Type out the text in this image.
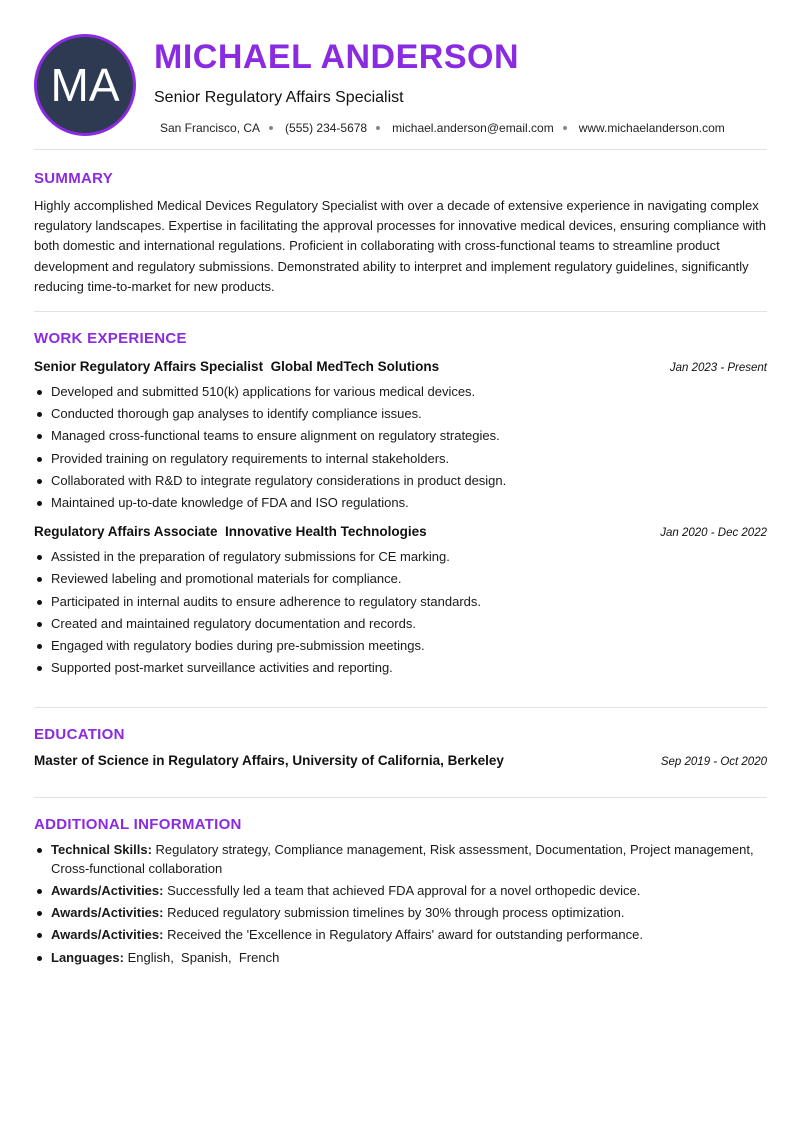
MA
MICHAEL ANDERSON
Senior Regulatory Affairs Specialist
San Francisco, CA (555) 234-5678 michael.anderson@email.com www.michaelanderson.com
SUMMARY

Highly accomplished Medical Devices Regulatory Specialist with over a decade of extensive experience in navigating complex regulatory landscapes. Expertise in facilitating the approval processes for innovative medical devices, ensuring compliance with both domestic and international regulations. Proficient in collaborating with cross-functional teams to streamline product development and regulatory submissions. Demonstrated ability to interpret and implement regulatory guidelines, significantly reducing time-to-market for new products.

WORK EXPERIENCE
Senior Regulatory Affairs Specialist  Global MedTech Solutions	Jan 2023 - Present
Developed and submitted 510(k) applications for various medical devices.
Conducted thorough gap analyses to identify compliance issues.
Managed cross-functional teams to ensure alignment on regulatory strategies.
Provided training on regulatory requirements to internal stakeholders.
Collaborated with R&D to integrate regulatory considerations in product design.
Maintained up-to-date knowledge of FDA and ISO regulations.
Regulatory Affairs Associate  Innovative Health Technologies	Jan 2020 - Dec 2022
Assisted in the preparation of regulatory submissions for CE marking.
Reviewed labeling and promotional materials for compliance.
Participated in internal audits to ensure adherence to regulatory standards.
Created and maintained regulatory documentation and records.
Engaged with regulatory bodies during pre-submission meetings.
Supported post-market surveillance activities and reporting.
EDUCATION
Master of Science in Regulatory Affairs, University of California, Berkeley	Sep 2019 - Oct 2020
ADDITIONAL INFORMATION
Technical Skills: Regulatory strategy, Compliance management, Risk assessment, Documentation, Project management, Cross-functional collaboration
Awards/Activities: Successfully led a team that achieved FDA approval for a novel orthopedic device.
Awards/Activities: Reduced regulatory submission timelines by 30% through process optimization.
Awards/Activities: Received the 'Excellence in Regulatory Affairs' award for outstanding performance.
Languages: English,  Spanish,  French
